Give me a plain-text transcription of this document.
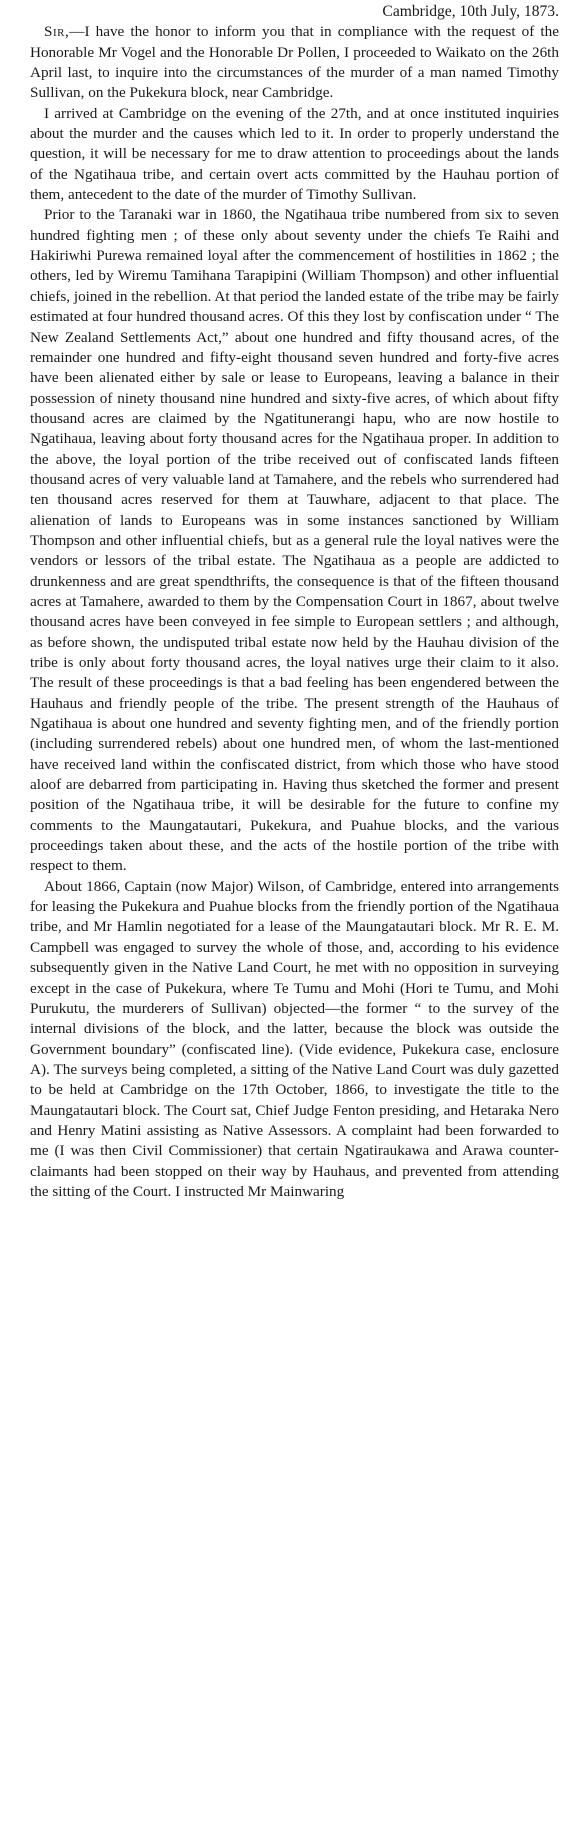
Cambridge, 10th July, 1873.

Sir,—I have the honor to inform you that in compliance with the request of the Honorable Mr Vogel and the Honorable Dr Pollen, I proceeded to Waikato on the 26th April last, to inquire into the circumstances of the murder of a man named Timothy Sullivan, on the Pukekura block, near Cambridge.

I arrived at Cambridge on the evening of the 27th, and at once instituted inquiries about the murder and the causes which led to it. In order to properly understand the question, it will be necessary for me to draw attention to proceedings about the lands of the Ngatihaua tribe, and certain overt acts committed by the Hauhau portion of them, antecedent to the date of the murder of Timothy Sullivan.

Prior to the Taranaki war in 1860, the Ngatihaua tribe numbered from six to seven hundred fighting men ; of these only about seventy under the chiefs Te Raihi and Hakiriwhi Purewa remained loyal after the commencement of hostilities in 1862 ; the others, led by Wiremu Tamihana Tarapipini (William Thompson) and other influential chiefs, joined in the rebellion. At that period the landed estate of the tribe may be fairly estimated at four hundred thousand acres. Of this they lost by confiscation under “ The New Zealand Settlements Act,” about one hundred and fifty thousand acres, of the remainder one hundred and fifty-eight thousand seven hundred and forty-five acres have been alienated either by sale or lease to Europeans, leaving a balance in their possession of ninety thousand nine hundred and sixty-five acres, of which about fifty thousand acres are claimed by the Ngatitunerangi hapu, who are now hostile to Ngatihaua, leaving about forty thousand acres for the Ngatihaua proper. In addition to the above, the loyal portion of the tribe received out of confiscated lands fifteen thousand acres of very valuable land at Tamahere, and the rebels who surrendered had ten thousand acres reserved for them at Tauwhare, adjacent to that place. The alienation of lands to Europeans was in some instances sanctioned by William Thompson and other influential chiefs, but as a general rule the loyal natives were the vendors or lessors of the tribal estate. The Ngatihaua as a people are addicted to drunkenness and are great spendthrifts, the consequence is that of the fifteen thousand acres at Tamahere, awarded to them by the Compensation Court in 1867, about twelve thousand acres have been conveyed in fee simple to European settlers ; and although, as before shown, the undisputed tribal estate now held by the Hauhau division of the tribe is only about forty thousand acres, the loyal natives urge their claim to it also. The result of these proceedings is that a bad feeling has been engendered between the Hauhaus and friendly people of the tribe. The present strength of the Hauhaus of Ngatihaua is about one hundred and seventy fighting men, and of the friendly portion (including surrendered rebels) about one hundred men, of whom the last-mentioned have received land within the confiscated district, from which those who have stood aloof are debarred from participating in. Having thus sketched the former and present position of the Ngatihaua tribe, it will be desirable for the future to confine my comments to the Maungatautari, Pukekura, and Puahue blocks, and the various proceedings taken about these, and the acts of the hostile portion of the tribe with respect to them.

About 1866, Captain (now Major) Wilson, of Cambridge, entered into arrangements for leasing the Pukekura and Puahue blocks from the friendly portion of the Ngatihaua tribe, and Mr Hamlin negotiated for a lease of the Maungatautari block. Mr R. E. M. Campbell was engaged to survey the whole of those, and, according to his evidence subsequently given in the Native Land Court, he met with no opposition in surveying except in the case of Pukekura, where Te Tumu and Mohi (Hori te Tumu, and Mohi Purukutu, the murderers of Sullivan) objected—the former “ to the survey of the internal divisions of the block, and the latter, because the block was outside the Government boundary” (confiscated line). (Vide evidence, Pukekura case, enclosure A). The surveys being completed, a sitting of the Native Land Court was duly gazetted to be held at Cambridge on the 17th October, 1866, to investigate the title to the Maungatautari block. The Court sat, Chief Judge Fenton presiding, and Hetaraka Nero and Henry Matini assisting as Native Assessors. A complaint had been forwarded to me (I was then Civil Commissioner) that certain Ngatiraukawa and Arawa counter-claimants had been stopped on their way by Hauhaus, and prevented from attending the sitting of the Court. I instructed Mr Mainwaring
